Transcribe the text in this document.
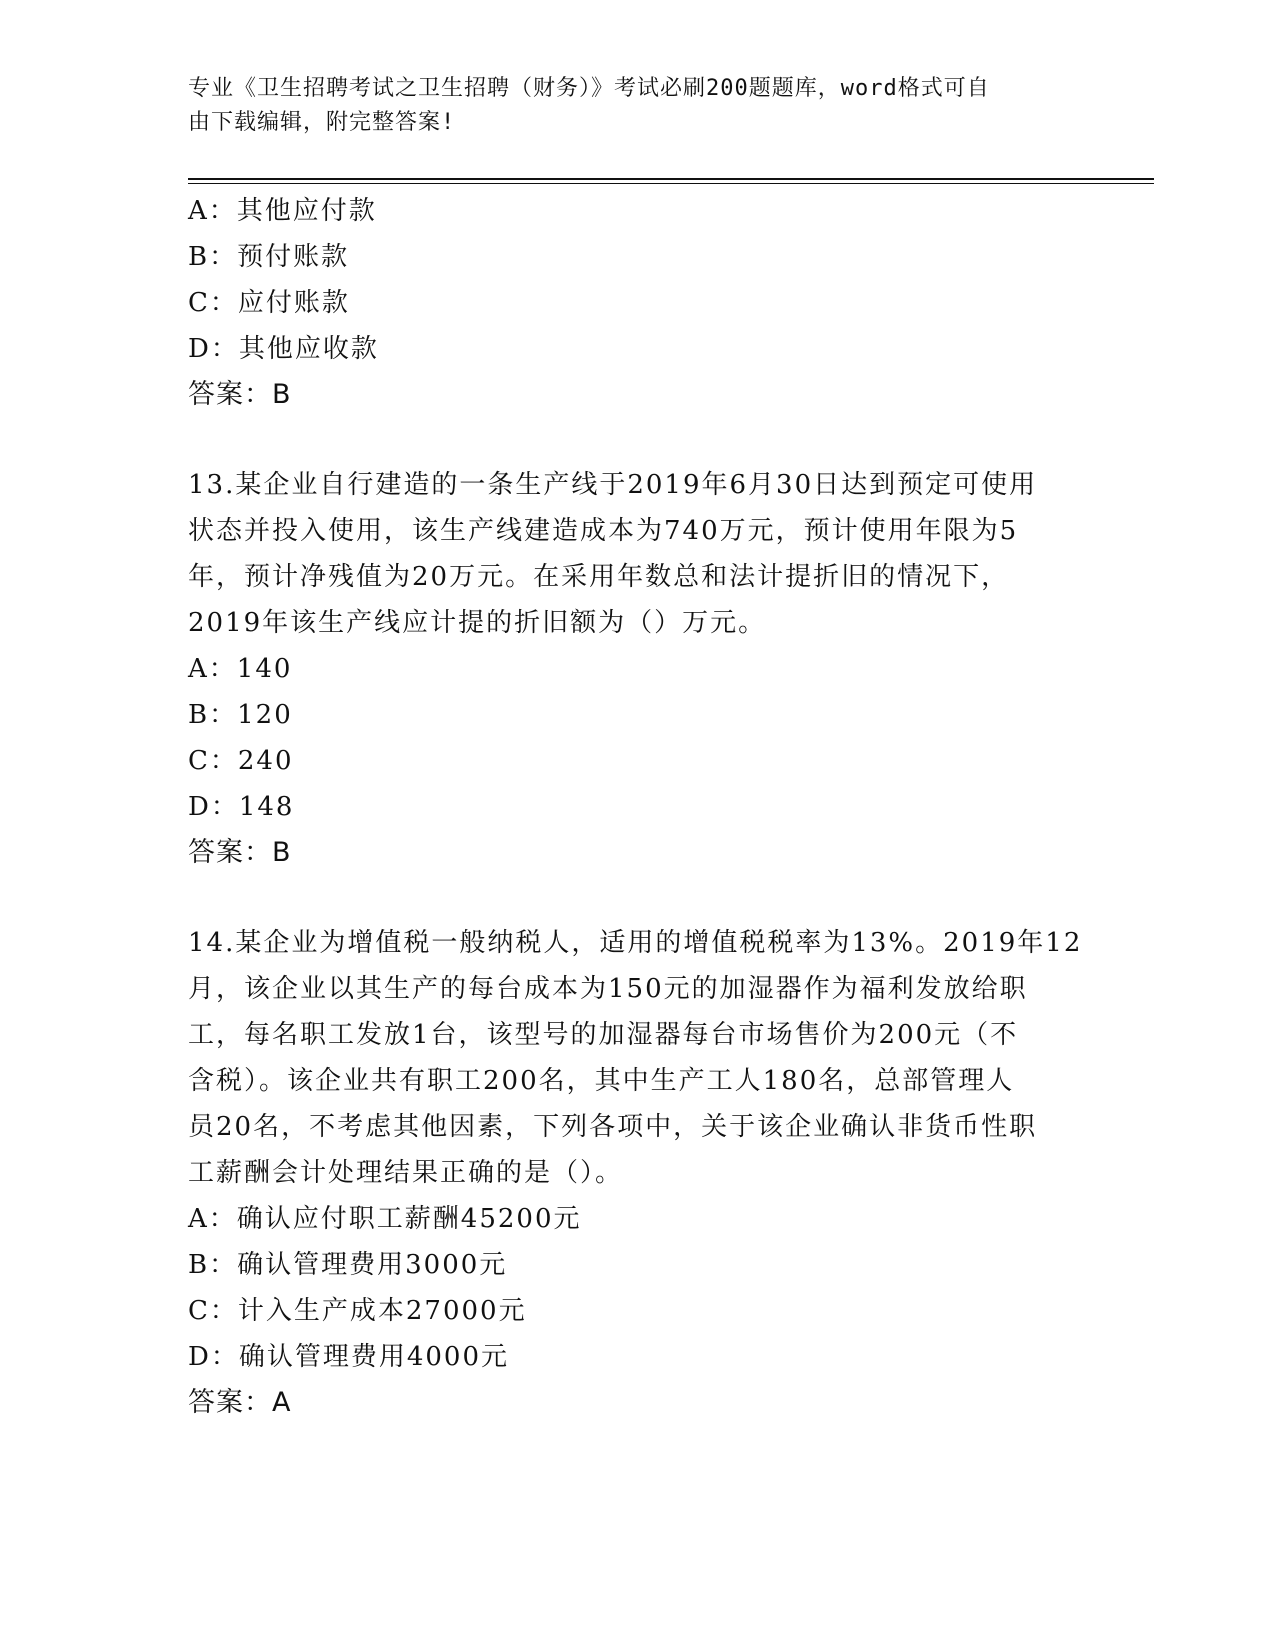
专业《卫生招聘考试之卫生招聘（财务）》考试必刷200题题库，word格式可自

由下载编辑，附完整答案!

A：其他应付款
B：预付账款
C：应付账款
D：其他应收款
答案：B
13.某企业自行建造的一条生产线于2019年6月30日达到预定可使用
状态并投入使用，该生产线建造成本为740万元，预计使用年限为5
年，预计净残值为20万元。在采用年数总和法计提折旧的情况下，
2019年该生产线应计提的折旧额为（）万元。
A：140
B：120
C：240
D：148
答案：B
14.某企业为增值税一般纳税人，适用的增值税税率为13%。2019年12
月，该企业以其生产的每台成本为150元的加湿器作为福利发放给职
工，每名职工发放1台，该型号的加湿器每台市场售价为200元（不
含税）。该企业共有职工200名，其中生产工人180名，总部管理人
员20名，不考虑其他因素，下列各项中，关于该企业确认非货币性职
工薪酬会计处理结果正确的是（）。
A：确认应付职工薪酬45200元
B：确认管理费用3000元
C：计入生产成本27000元
D：确认管理费用4000元
答案：A
